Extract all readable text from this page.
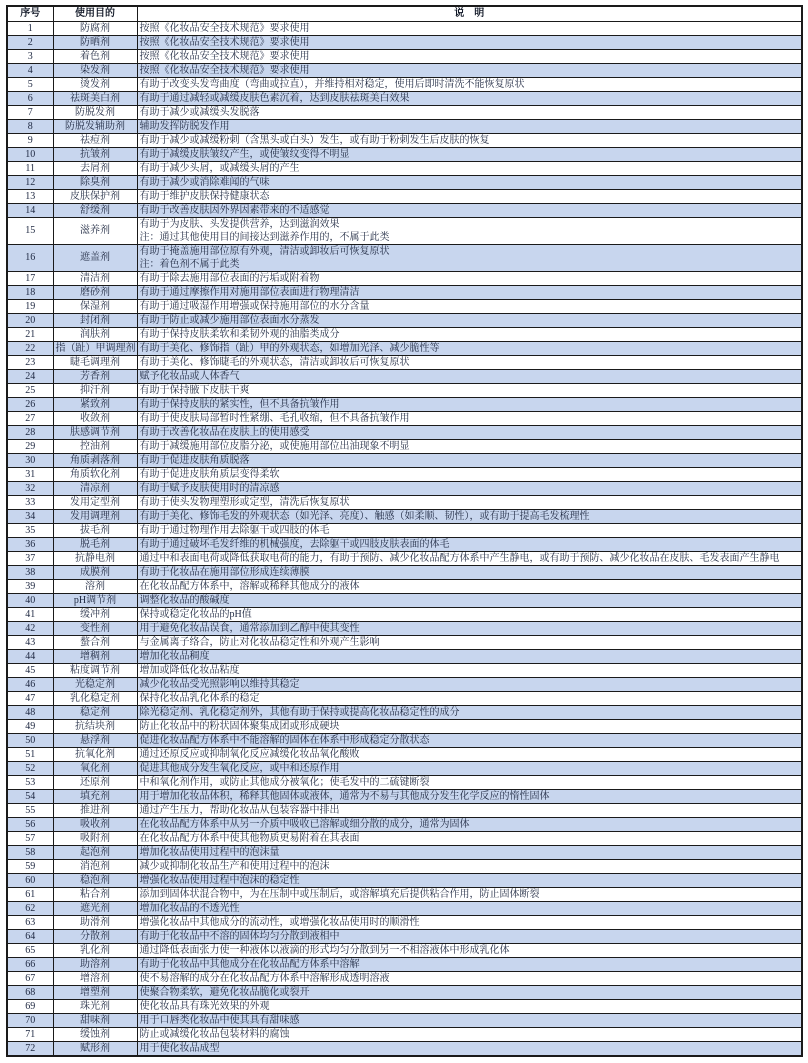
序号	使用目的	说　明
1	防腐剂	按照《化妆品安全技术规范》要求使用

2	防晒剂	按照《化妆品安全技术规范》要求使用

3	着色剂	按照《化妆品安全技术规范》要求使用

4	染发剂	按照《化妆品安全技术规范》要求使用

5	烫发剂	有助于改变头发弯曲度（弯曲或拉直），并维持相对稳定，使用后即时清洗不能恢复原状

6	祛斑美白剂	有助于通过减轻或减缓皮肤色素沉着，达到皮肤祛斑美白效果

7	防脱发剂	有助于减少或减缓头发脱落

8	防脱发辅助剂	辅助发挥防脱发作用

9	祛痘剂	有助于减少或减缓粉刺（含黑头或白头）发生，或有助于粉刺发生后皮肤的恢复

10	抗皱剂	有助于减缓皮肤皱纹产生，或使皱纹变得不明显

11	去屑剂	有助于减少头屑，或减缓头屑的产生

12	除臭剂	有助于减少或消除难闻的气味

13	皮肤保护剂	有助于维护皮肤保持健康状态

14	舒缓剂	有助于改善皮肤因外界因素带来的不适感觉

15	滋养剂	有助于为皮肤、头发提供营养，达到滋润效果
注：通过其他使用目的间接达到滋养作用的，不属于此类

16	遮盖剂	有助于掩盖施用部位原有外观，清洁或卸妆后可恢复原状
注：着色剂不属于此类

17	清洁剂	有助于除去施用部位表面的污垢或附着物

18	磨砂剂	有助于通过摩擦作用对施用部位表面进行物理清洁

19	保湿剂	有助于通过吸湿作用增强或保持施用部位的水分含量

20	封闭剂	有助于防止或减少施用部位表面水分蒸发

21	润肤剂	有助于保持皮肤柔软和柔韧外观的油脂类成分

22	指（趾）甲调理剂	有助于美化、修饰指（趾）甲的外观状态，如增加光泽、减少脆性等

23	睫毛调理剂	有助于美化、修饰睫毛的外观状态，清洁或卸妆后可恢复原状

24	芳香剂	赋予化妆品或人体香气

25	抑汗剂	有助于保持腋下皮肤干爽

26	紧致剂	有助于保持皮肤的紧实性，但不具备抗皱作用

27	收敛剂	有助于使皮肤局部暂时性紧绷、毛孔收缩，但不具备抗皱作用

28	肤感调节剂	有助于改善化妆品在皮肤上的使用感受

29	控油剂	有助于减缓施用部位皮脂分泌，或使施用部位出油现象不明显

30	角质剥落剂	有助于促进皮肤角质脱落

31	角质软化剂	有助于促进皮肤角质层变得柔软

32	清凉剂	有助于赋予皮肤使用时的清凉感

33	发用定型剂	有助于使头发物理塑形或定型，清洗后恢复原状

34	发用调理剂	有助于美化、修饰毛发的外观状态（如光泽、亮度）、触感（如柔顺、韧性），或有助于提高毛发梳理性

35	拔毛剂	有助于通过物理作用去除躯干或四肢的体毛

36	脱毛剂	有助于通过破坏毛发纤维的机械强度，去除躯干或四肢皮肤表面的体毛

37	抗静电剂	通过中和表面电荷或降低获取电荷的能力，有助于预防、减少化妆品配方体系中产生静电，或有助于预防、减少化妆品在皮肤、毛发表面产生静电

38	成膜剂	有助于化妆品在施用部位形成连续薄膜

39	溶剂	在化妆品配方体系中，溶解或稀释其他成分的液体

40	pH调节剂	调整化妆品的酸碱度

41	缓冲剂	保持或稳定化妆品的pH值

42	变性剂	用于避免化妆品误食，通常添加到乙醇中使其变性

43	螯合剂	与金属离子络合，防止对化妆品稳定性和外观产生影响

44	增稠剂	增加化妆品稠度

45	粘度调节剂	增加或降低化妆品粘度

46	光稳定剂	减少化妆品受光照影响以维持其稳定

47	乳化稳定剂	保持化妆品乳化体系的稳定

48	稳定剂	除光稳定剂、乳化稳定剂外，其他有助于保持或提高化妆品稳定性的成分

49	抗结块剂	防止化妆品中的粉状固体聚集成团或形成硬块

50	悬浮剂	促进化妆品配方体系中不能溶解的固体在体系中形成稳定分散状态

51	抗氧化剂	通过还原反应或抑制氧化反应减缓化妆品氧化酸败

52	氧化剂	促进其他成分发生氧化反应，或中和还原作用

53	还原剂	中和氧化剂作用，或防止其他成分被氧化；使毛发中的二硫键断裂

54	填充剂	用于增加化妆品体积，稀释其他固体或液体，通常为不易与其他成分发生化学反应的惰性固体

55	推进剂	通过产生压力，帮助化妆品从包装容器中排出

56	吸收剂	在化妆品配方体系中从另一介质中吸收已溶解或细分散的成分，通常为固体

57	吸附剂	在化妆品配方体系中使其他物质更易附着在其表面

58	起泡剂	增加化妆品使用过程中的泡沫量

59	消泡剂	减少或抑制化妆品生产和使用过程中的泡沫

60	稳泡剂	增强化妆品使用过程中泡沫的稳定性

61	粘合剂	添加到固体状混合物中，为在压制中或压制后，或溶解填充后提供粘合作用，防止固体断裂

62	遮光剂	增加化妆品的不透光性

63	助滑剂	增强化妆品中其他成分的流动性，或增强化妆品使用时的顺滑性

64	分散剂	有助于化妆品中不溶的固体均匀分散到液相中

65	乳化剂	通过降低表面张力使一种液体以液滴的形式均匀分散到另一不相溶液体中形成乳化体

66	助溶剂	有助于化妆品中其他成分在化妆品配方体系中溶解

67	增溶剂	使不易溶解的成分在化妆品配方体系中溶解形成透明溶液

68	增塑剂	使聚合物柔软，避免化妆品脆化或裂开

69	珠光剂	使化妆品具有珠光效果的外观

70	甜味剂	用于口唇类化妆品中使其具有甜味感

71	缓蚀剂	防止或减缓化妆品包装材料的腐蚀

72	赋形剂	用于使化妆品成型
